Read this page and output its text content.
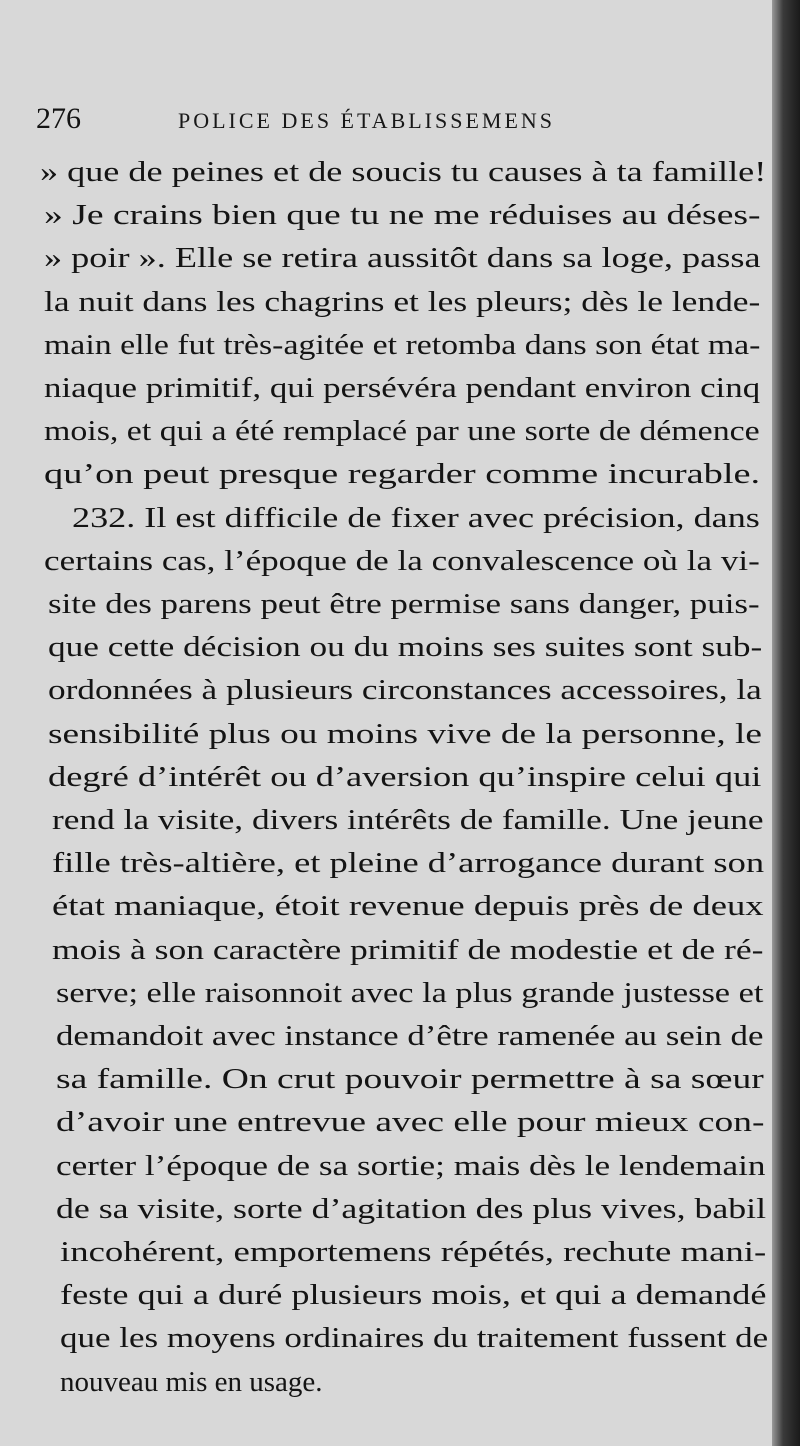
276	POLICE DES ÉTABLISSEMENS
» que de peines et de soucis tu causes à ta famille!
» Je crains bien que tu ne me réduises au déses-
» poir ». Elle se retira aussitôt dans sa loge, passa
la nuit dans les chagrins et les pleurs; dès le lende-
main elle fut très-agitée et retomba dans son état ma-
niaque primitif, qui persévéra pendant environ cinq
mois, et qui a été remplacé par une sorte de démence
qu’on peut presque regarder comme incurable.
232. Il est difficile de fixer avec précision, dans
certains cas, l’époque de la convalescence où la vi-
site des parens peut être permise sans danger, puis-
que cette décision ou du moins ses suites sont sub-
ordonnées à plusieurs circonstances accessoires, la
sensibilité plus ou moins vive de la personne, le
degré d’intérêt ou d’aversion qu’inspire celui qui
rend la visite, divers intérêts de famille. Une jeune
fille très-altière, et pleine d’arrogance durant son
état maniaque, étoit revenue depuis près de deux
mois à son caractère primitif de modestie et de ré-
serve; elle raisonnoit avec la plus grande justesse et
demandoit avec instance d’être ramenée au sein de
sa famille. On crut pouvoir permettre à sa sœur
d’avoir une entrevue avec elle pour mieux con-
certer l’époque de sa sortie; mais dès le lendemain
de sa visite, sorte d’agitation des plus vives, babil
incohérent, emportemens répétés, rechute mani-
feste qui a duré plusieurs mois, et qui a demandé
que les moyens ordinaires du traitement fussent de
nouveau mis en usage.
